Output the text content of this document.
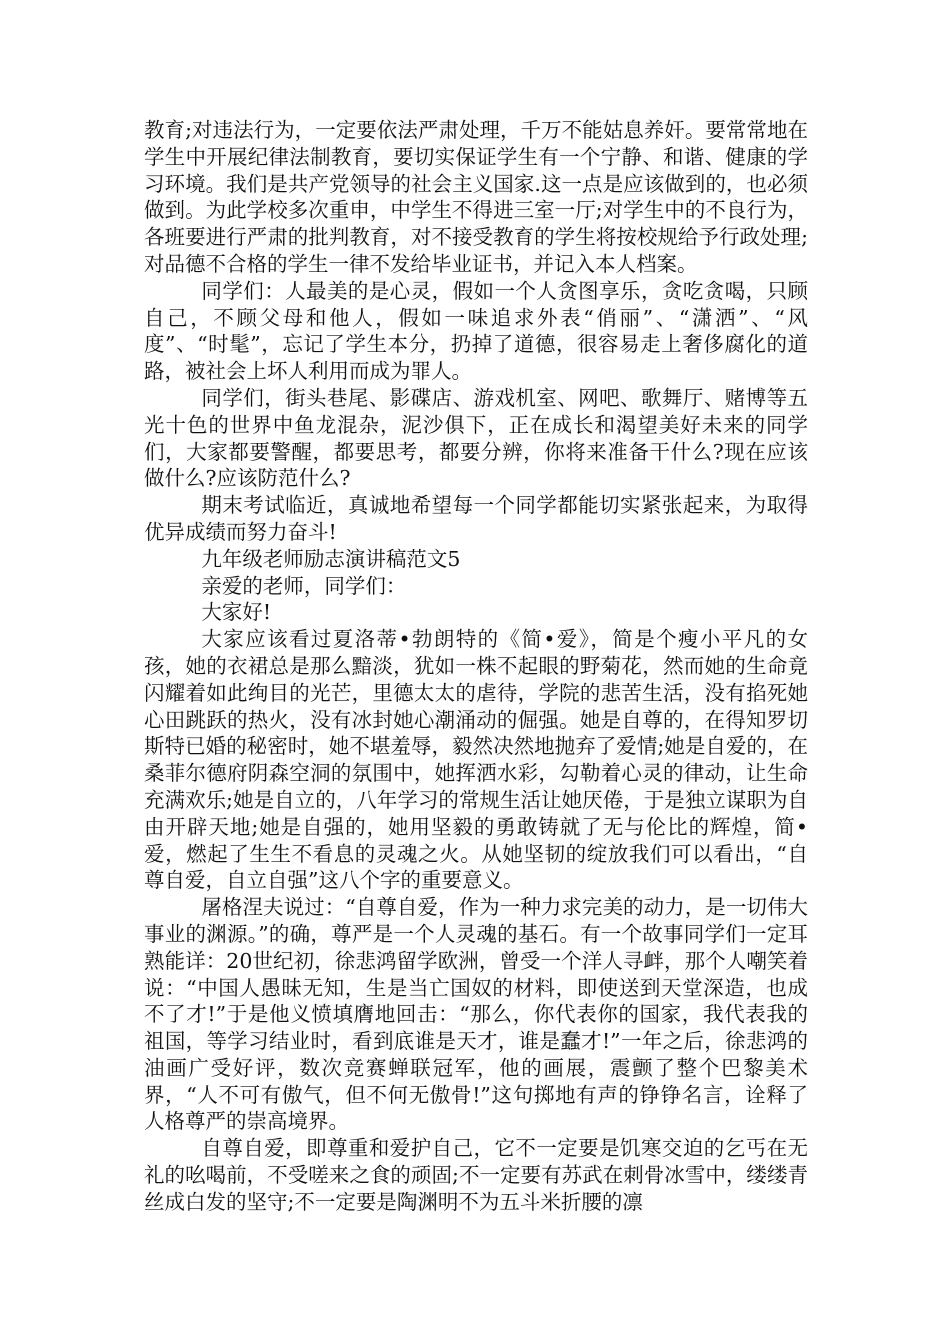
教育;对违法行为，一定要依法严肃处理，千万不能姑息养奸。要常常地在学生中开展纪律法制教育，要切实保证学生有一个宁静、和谐、健康的学习环境。我们是共产党领导的社会主义国家.这一点是应该做到的，也必须做到。为此学校多次重申，中学生不得进三室一厅;对学生中的不良行为，各班要进行严肃的批判教育，对不接受教育的学生将按校规给予行政处理;对品德不合格的学生一律不发给毕业证书，并记入本人档案。

同学们：人最美的是心灵，假如一个人贪图享乐，贪吃贪喝，只顾自己，不顾父母和他人，假如一味追求外表“俏丽”、“潇洒”、“风度”、“时髦”，忘记了学生本分，扔掉了道德，很容易走上奢侈腐化的道路，被社会上坏人利用而成为罪人。

同学们，街头巷尾、影碟店、游戏机室、网吧、歌舞厅、赌博等五光十色的世界中鱼龙混杂，泥沙俱下，正在成长和渴望美好未来的同学们，大家都要警醒，都要思考，都要分辨，你将来准备干什么?现在应该做什么?应该防范什么?

期末考试临近，真诚地希望每一个同学都能切实紧张起来，为取得优异成绩而努力奋斗!

九年级老师励志演讲稿范文5

亲爱的老师，同学们：

大家好!

大家应该看过夏洛蒂•勃朗特的《简•爱》，简是个瘦小平凡的女孩，她的衣裙总是那么黯淡，犹如一株不起眼的野菊花，然而她的生命竟闪耀着如此绚目的光芒，里德太太的虐待，学院的悲苦生活，没有掐死她心田跳跃的热火，没有冰封她心潮涌动的倔强。她是自尊的，在得知罗切斯特已婚的秘密时，她不堪羞辱，毅然决然地抛弃了爱情;她是自爱的，在桑菲尔德府阴森空洞的氛围中，她挥洒水彩，勾勒着心灵的律动，让生命充满欢乐;她是自立的，八年学习的常规生活让她厌倦，于是独立谋职为自由开辟天地;她是自强的，她用坚毅的勇敢铸就了无与伦比的辉煌，简•爱，燃起了生生不看息的灵魂之火。从她坚韧的绽放我们可以看出，“自尊自爱，自立自强”这八个字的重要意义。

屠格涅夫说过：“自尊自爱，作为一种力求完美的动力，是一切伟大事业的渊源。”的确，尊严是一个人灵魂的基石。有一个故事同学们一定耳熟能详：20世纪初，徐悲鸿留学欧洲，曾受一个洋人寻衅，那个人嘲笑着说：“中国人愚昧无知，生是当亡国奴的材料，即使送到天堂深造，也成不了才!”于是他义愤填膺地回击：“那么，你代表你的国家，我代表我的祖国，等学习结业时，看到底谁是天才，谁是蠢才!”一年之后，徐悲鸿的油画广受好评，数次竞赛蝉联冠军，他的画展，震颤了整个巴黎美术界，“人不可有傲气，但不何无傲骨!”这句掷地有声的铮铮名言，诠释了人格尊严的崇高境界。

自尊自爱，即尊重和爱护自己，它不一定要是饥寒交迫的乞丐在无礼的吆喝前，不受嗟来之食的顽固;不一定要有苏武在刺骨冰雪中，缕缕青丝成白发的坚守;不一定要是陶渊明不为五斗米折腰的凛
